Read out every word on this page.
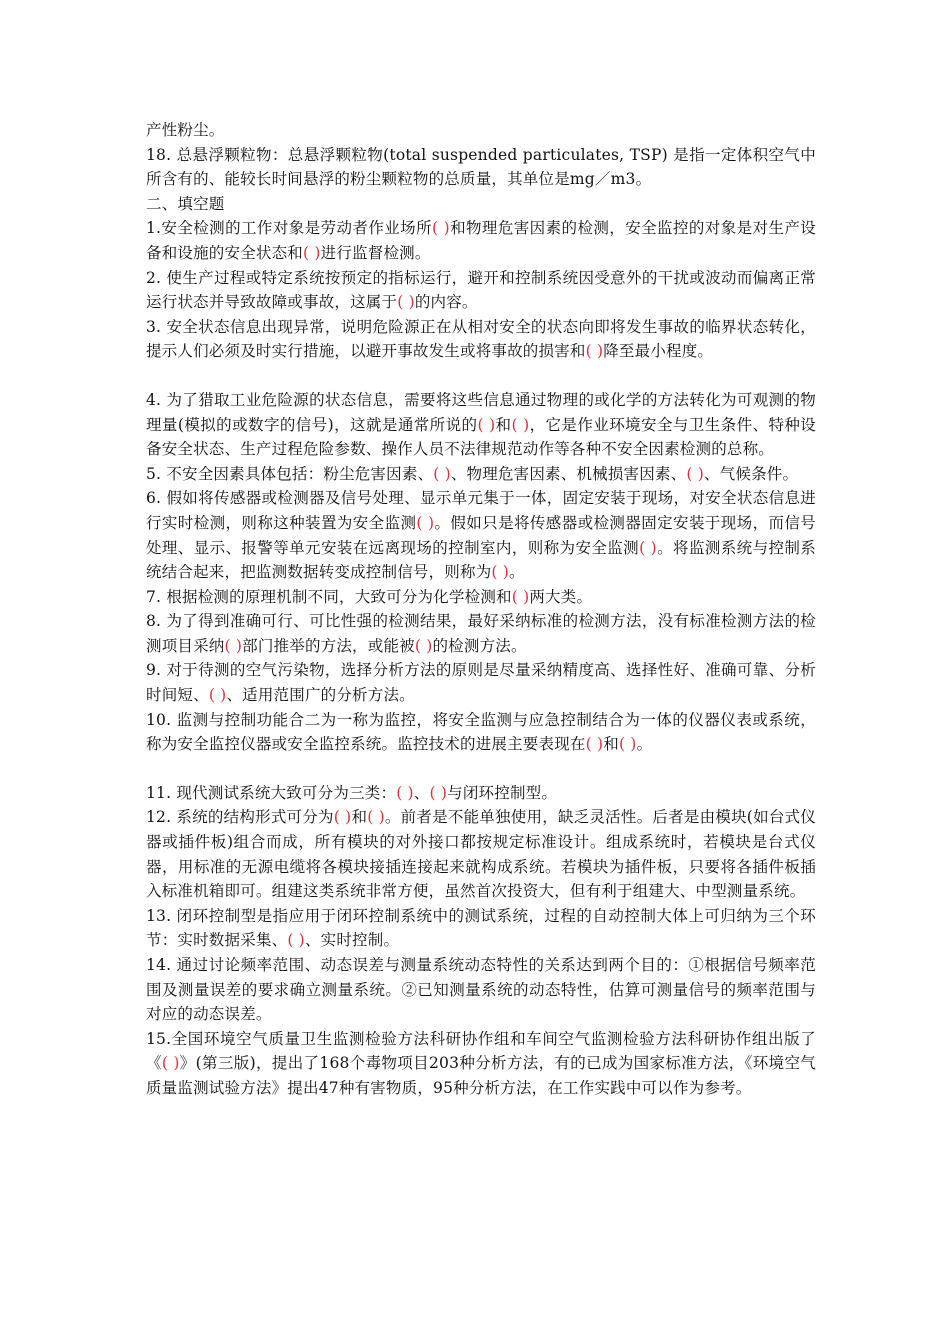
产性粉尘。

18. 总悬浮颗粒物：总悬浮颗粒物(total suspended particulates, TSP) 是指一定体积空气中所含有的、能较长时间悬浮的粉尘颗粒物的总质量，其单位是mg／m3。

二、填空题

1.安全检测的工作对象是劳动者作业场所( )和物理危害因素的检测，安全监控的对象是对生产设备和设施的安全状态和( )进行监督检测。

2. 使生产过程或特定系统按预定的指标运行，避开和控制系统因受意外的干扰或波动而偏离正常运行状态并导致故障或事故，这属于( )的内容。

3. 安全状态信息出现异常，说明危险源正在从相对安全的状态向即将发生事故的临界状态转化，提示人们必须及时实行措施，以避开事故发生或将事故的损害和( )降至最小程度。

4. 为了猎取工业危险源的状态信息，需要将这些信息通过物理的或化学的方法转化为可观测的物理量(模拟的或数字的信号)，这就是通常所说的( )和( )，它是作业环境安全与卫生条件、特种设备安全状态、生产过程危险参数、操作人员不法律规范动作等各种不安全因素检测的总称。

5. 不安全因素具体包括：粉尘危害因素、( )、物理危害因素、机械损害因素、( )、气候条件。

6. 假如将传感器或检测器及信号处理、显示单元集于一体，固定安装于现场，对安全状态信息进行实时检测，则称这种装置为安全监测( )。假如只是将传感器或检测器固定安装于现场，而信号处理、显示、报警等单元安装在远离现场的控制室内，则称为安全监测( )。将监测系统与控制系统结合起来，把监测数据转变成控制信号，则称为( )。

7. 根据检测的原理机制不同，大致可分为化学检测和( )两大类。

8. 为了得到准确可行、可比性强的检测结果，最好采纳标准的检测方法，没有标准检测方法的检测项目采纳( )部门推举的方法，或能被( )的检测方法。

9. 对于待测的空气污染物，选择分析方法的原则是尽量采纳精度高、选择性好、准确可靠、分析时间短、( )、适用范围广的分析方法。

10. 监测与控制功能合二为一称为监控，将安全监测与应急控制结合为一体的仪器仪表或系统，称为安全监控仪器或安全监控系统。监控技术的进展主要表现在( )和( )。

11. 现代测试系统大致可分为三类：( )、( )与闭环控制型。

12. 系统的结构形式可分为( )和( )。前者是不能单独使用，缺乏灵活性。后者是由模块(如台式仪器或插件板)组合而成，所有模块的对外接口都按规定标准设计。组成系统时，若模块是台式仪器，用标准的无源电缆将各模块接插连接起来就构成系统。若模块为插件板，只要将各插件板插入标准机箱即可。组建这类系统非常方便，虽然首次投资大，但有利于组建大、中型测量系统。

13. 闭环控制型是指应用于闭环控制系统中的测试系统，过程的自动控制大体上可归纳为三个环节：实时数据采集、( )、实时控制。

14. 通过讨论频率范围、动态误差与测量系统动态特性的关系达到两个目的：①根据信号频率范围及测量误差的要求确立测量系统。②已知测量系统的动态特性，估算可测量信号的频率范围与对应的动态误差。

15.全国环境空气质量卫生监测检验方法科研协作组和车间空气监测检验方法科研协作组出版了《( )》(第三版)，提出了168个毒物项目203种分析方法，有的已成为国家标准方法，《环境空气质量监测试验方法》提出47种有害物质，95种分析方法，在工作实践中可以作为参考。
